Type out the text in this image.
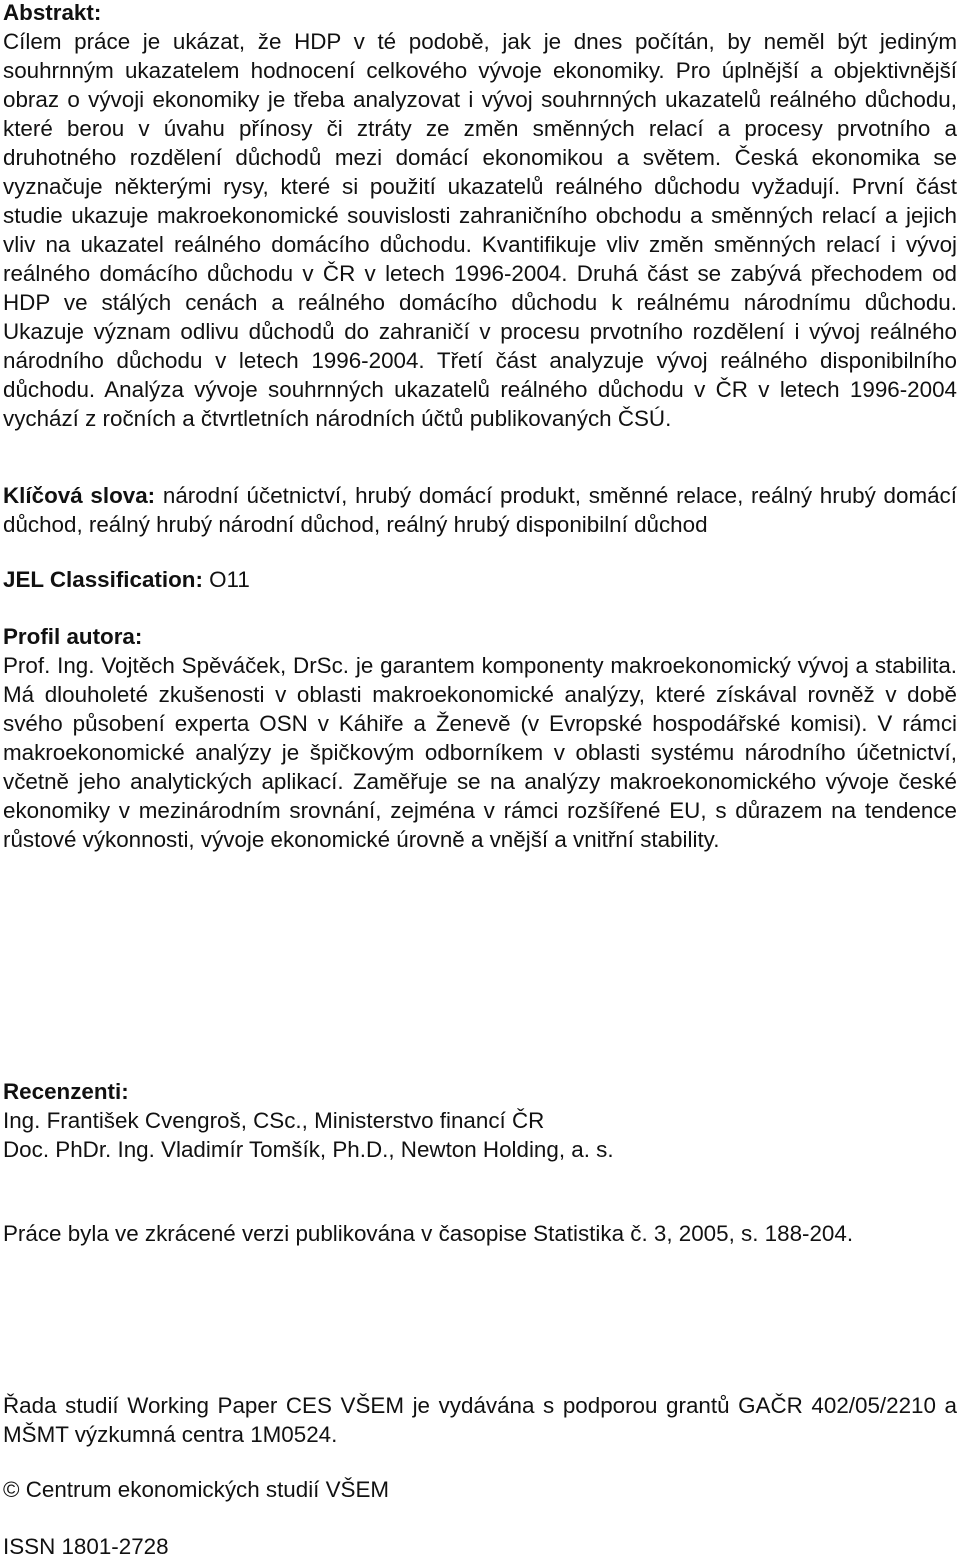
Abstrakt:

Cílem práce je ukázat, že HDP v té podobě, jak je dnes počítán, by neměl být jediným souhrnným ukazatelem hodnocení celkového vývoje ekonomiky. Pro úplnější a objektivnější obraz o vývoji ekonomiky je třeba analyzovat i vývoj souhrnných ukazatelů reálného důchodu, které berou v úvahu přínosy či ztráty ze změn směnných relací a procesy prvotního a druhotného rozdělení důchodů mezi domácí ekonomikou a světem. Česká ekonomika se vyznačuje některými rysy, které si použití ukazatelů reálného důchodu vyžadují. První část studie ukazuje makroekonomické souvislosti zahraničního obchodu a směnných relací a jejich vliv na ukazatel reálného domácího důchodu. Kvantifikuje vliv změn směnných relací i vývoj reálného domácího důchodu v ČR v letech 1996-2004. Druhá část se zabývá přechodem od HDP ve stálých cenách a reálného domácího důchodu k reálnému národnímu důchodu. Ukazuje význam odlivu důchodů do zahraničí v procesu prvotního rozdělení i vývoj reálného národního důchodu v letech 1996-2004. Třetí část analyzuje vývoj reálného disponibilního důchodu. Analýza vývoje souhrnných ukazatelů reálného důchodu v ČR v letech 1996-2004 vychází z ročních a čtvrtletních národních účtů publikovaných ČSÚ.

Klíčová slova: národní účetnictví, hrubý domácí produkt, směnné relace, reálný hrubý domácí důchod, reálný hrubý národní důchod, reálný hrubý disponibilní důchod

JEL Classification: O11
Profil autora:

Prof. Ing. Vojtěch Spěváček, DrSc. je garantem komponenty makroekonomický vývoj a stabilita. Má dlouholeté zkušenosti v oblasti makroekonomické analýzy, které získával rovněž v době svého působení experta OSN v Káhiře a Ženevě (v Evropské hospodářské komisi). V rámci makroekonomické analýzy je špičkovým odborníkem v oblasti systému národního účetnictví, včetně jeho analytických aplikací. Zaměřuje se na analýzy makroekonomického vývoje české ekonomiky v mezinárodním srovnání, zejména v rámci rozšířené EU, s důrazem na tendence růstové výkonnosti, vývoje ekonomické úrovně a vnější a vnitřní stability.

Recenzenti:
Ing. František Cvengroš, CSc., Ministerstvo financí ČR
Doc. PhDr. Ing. Vladimír Tomšík, Ph.D., Newton Holding, a. s.
Práce byla ve zkrácené verzi publikována v časopise Statistika č. 3, 2005, s. 188-204.

Řada studií Working Paper CES VŠEM je vydávána s podporou grantů GAČR 402/05/2210 a MŠMT výzkumná centra 1M0524.

© Centrum ekonomických studií VŠEM
ISSN 1801-2728
